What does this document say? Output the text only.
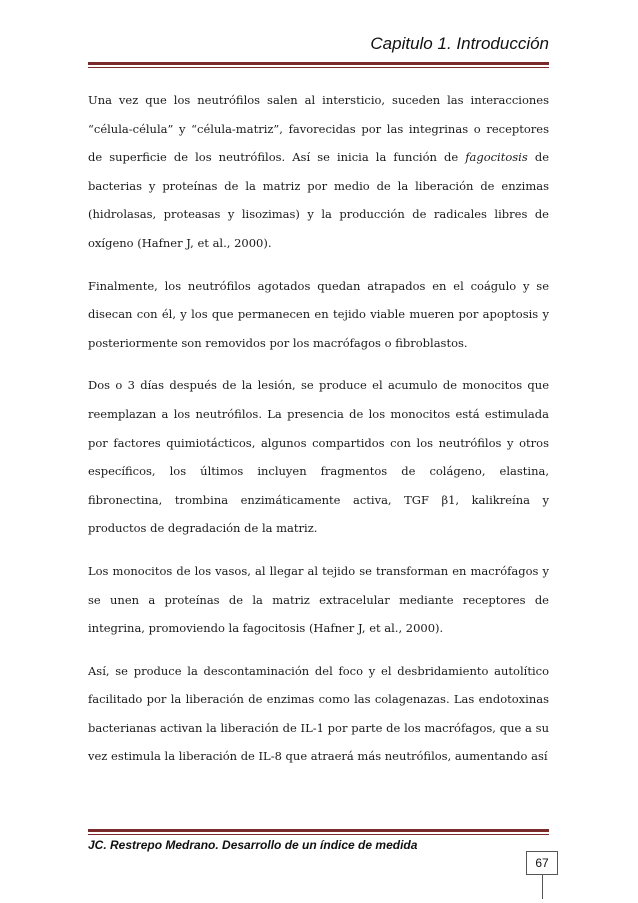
Capitulo 1. Introducción

Una vez que los neutrófilos salen al intersticio, suceden las interacciones “célula-célula” y “célula-matriz”, favorecidas por las integrinas o receptores de superficie de los neutrófilos. Así se inicia la función de fagocitosis de bacterias y proteínas de la matriz por medio de la liberación de enzimas (hidrolasas, proteasas y lisozimas) y la producción de radicales libres de oxígeno (Hafner J, et al., 2000).

Finalmente, los neutrófilos agotados quedan atrapados en el coágulo y se disecan con él, y los que permanecen en tejido viable mueren por apoptosis y posteriormente son removidos por los macrófagos o fibroblastos.

Dos o 3 días después de la lesión, se produce el acumulo de monocitos que reemplazan a los neutrófilos. La presencia de los monocitos está estimulada por factores quimiotácticos, algunos compartidos con los neutrófilos y otros específicos, los últimos incluyen fragmentos de colágeno, elastina, fibronectina, trombina enzimáticamente activa, TGF β1, kalikreína y productos de degradación de la matriz.

Los monocitos de los vasos, al llegar al tejido se transforman en macrófagos y se unen a proteínas de la matriz extracelular mediante receptores de integrina, promoviendo la fagocitosis (Hafner J, et al., 2000).

Así, se produce la descontaminación del foco y el desbridamiento autolítico facilitado por la liberación de enzimas como las colagenazas. Las endotoxinas bacterianas activan la liberación de IL-1 por parte de los macrófagos, que a su vez estimula la liberación de IL-8 que atraerá más neutrófilos, aumentando así

JC. Restrepo Medrano. Desarrollo de un índice de medida
67
